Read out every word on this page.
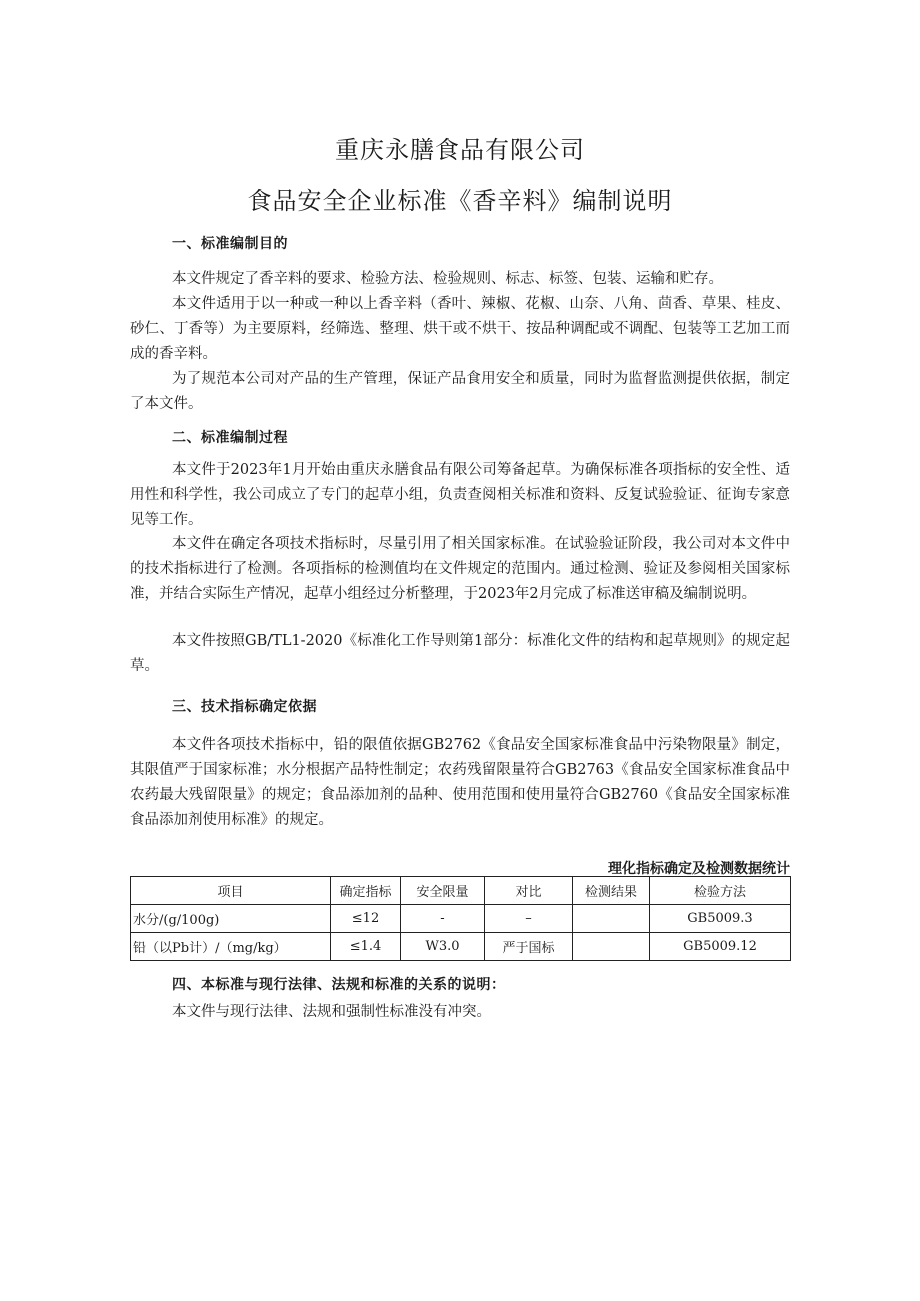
重庆永膳食品有限公司
食品安全企业标准《香辛料》编制说明
一、标准编制目的

本文件规定了香辛料的要求、检验方法、检验规则、标志、标签、包装、运输和贮存。

本文件适用于以一种或一种以上香辛料（香叶、辣椒、花椒、山奈、八角、茴香、草果、桂皮、砂仁、丁香等）为主要原料，经筛选、整理、烘干或不烘干、按品种调配或不调配、包装等工艺加工而成的香辛料。

为了规范本公司对产品的生产管理，保证产品食用安全和质量，同时为监督监测提供依据，制定了本文件。

二、标准编制过程

本文件于2023年1月开始由重庆永膳食品有限公司筹备起草。为确保标准各项指标的安全性、适用性和科学性，我公司成立了专门的起草小组，负责查阅相关标准和资料、反复试验验证、征询专家意见等工作。

本文件在确定各项技术指标时，尽量引用了相关国家标准。在试验验证阶段，我公司对本文件中的技术指标进行了检测。各项指标的检测值均在文件规定的范围内。通过检测、验证及参阅相关国家标准，并结合实际生产情况，起草小组经过分析整理，于2023年2月完成了标准送审稿及编制说明。

本文件按照GB/TL1-2020《标准化工作导则第1部分：标准化文件的结构和起草规则》的规定起草。

三、技术指标确定依据

本文件各项技术指标中，铅的限值依据GB2762《食品安全国家标准食品中污染物限量》制定，其限值严于国家标准；水分根据产品特性制定；农药残留限量符合GB2763《食品安全国家标准食品中农药最大残留限量》的规定；食品添加剂的品种、使用范围和使用量符合GB2760《食品安全国家标准食品添加剂使用标准》的规定。

理化指标确定及检测数据统计
项目	确定指标	安全限量	对比	检测结果	检验方法
水分/(g/100g)	≤12	-	–		GB5009.3
铅（以Pb计）/（mg/kg）	≤1.4	W3.0	严于国标		GB5009.12
四、本标准与现行法律、法规和标准的关系的说明：

本文件与现行法律、法规和强制性标准没有冲突。
